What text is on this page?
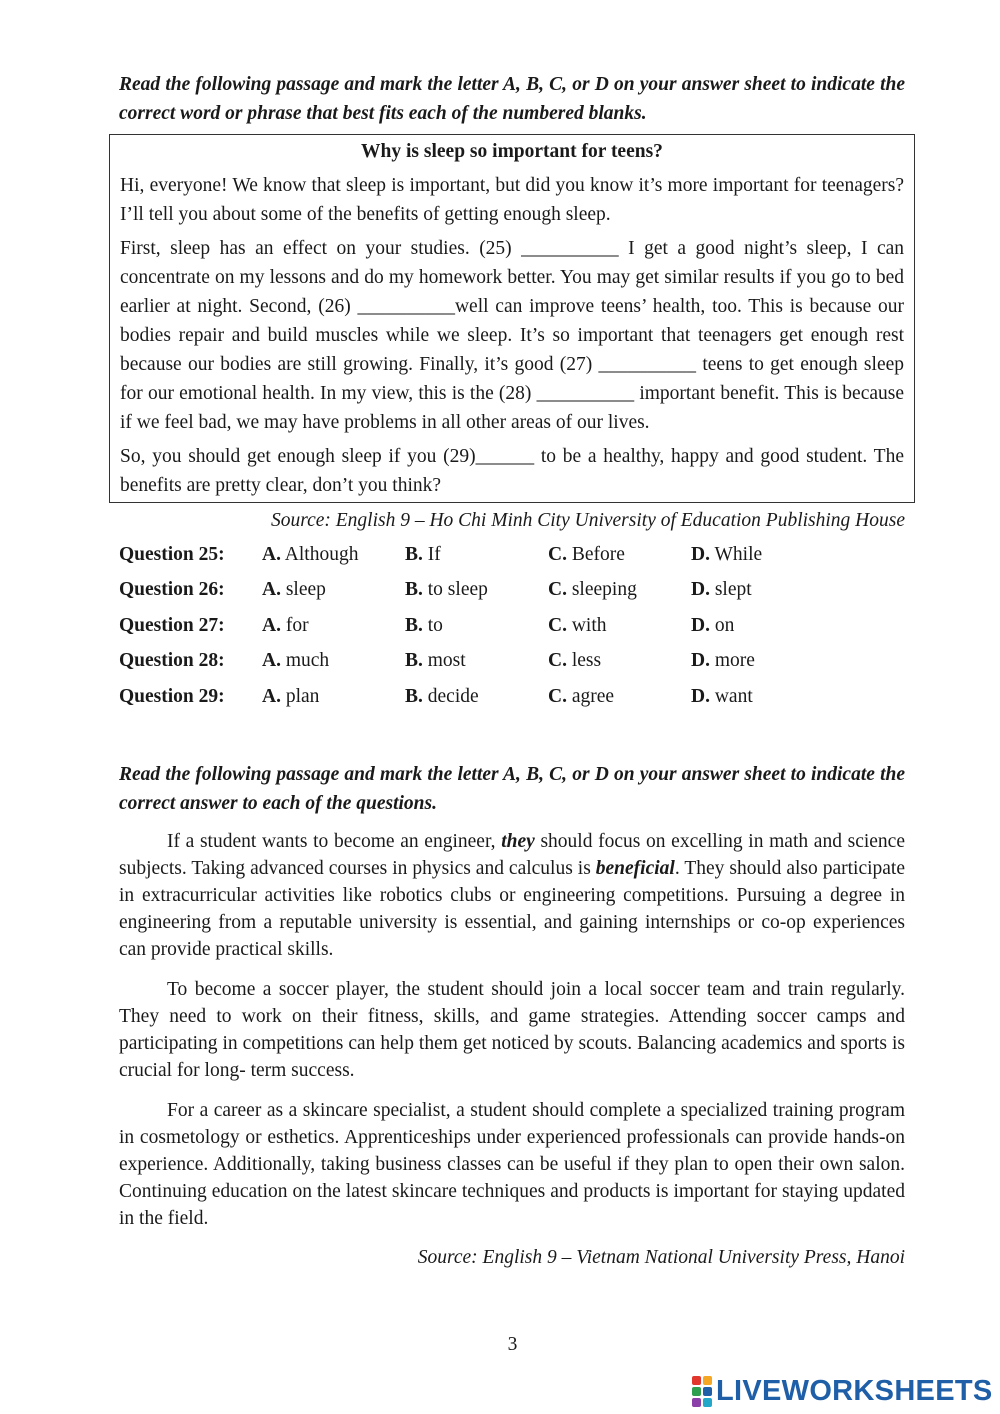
Read the following passage and mark the letter A, B, C, or D on your answer sheet to indicate the correct word or phrase that best fits each of the numbered blanks.

Why is sleep so important for teens?

Hi, everyone! We know that sleep is important, but did you know it’s more important for teenagers? I’ll tell you about some of the benefits of getting enough sleep.

First, sleep has an effect on your studies. (25) __________ I get a good night’s sleep, I can concentrate on my lessons and do my homework better. You may get similar results if you go to bed earlier at night. Second, (26) __________well can improve teens’ health, too. This is because our bodies repair and build muscles while we sleep. It’s so important that teenagers get enough rest because our bodies are still growing. Finally, it’s good (27) __________ teens to get enough sleep for our emotional health. In my view, this is the (28) __________ important benefit. This is because if we feel bad, we may have problems in all other areas of our lives.

So, you should get enough sleep if you (29)______ to be a healthy, happy and good student. The benefits are pretty clear, don’t you think?

Source: English 9 – Ho Chi Minh City University of Education Publishing House

Question 25:	A. Although	B. If	C. Before	D. While
Question 26:	A. sleep	B. to sleep	C. sleeping	D. slept
Question 27:	A. for	B. to	C. with	D. on
Question 28:	A. much	B. most	C. less	D. more
Question 29:	A. plan	B. decide	C. agree	D. want

Read the following passage and mark the letter A, B, C, or D on your answer sheet to indicate the correct answer to each of the questions.

If a student wants to become an engineer, they should focus on excelling in math and science subjects. Taking advanced courses in physics and calculus is beneficial. They should also participate in extracurricular activities like robotics clubs or engineering competitions. Pursuing a degree in engineering from a reputable university is essential, and gaining internships or co-op experiences can provide practical skills.

To become a soccer player, the student should join a local soccer team and train regularly. They need to work on their fitness, skills, and game strategies. Attending soccer camps and participating in competitions can help them get noticed by scouts. Balancing academics and sports is crucial for long- term success.

For a career as a skincare specialist, a student should complete a specialized training program in cosmetology or esthetics. Apprenticeships under experienced professionals can provide hands-on experience. Additionally, taking business classes can be useful if they plan to open their own salon. Continuing education on the latest skincare techniques and products is important for staying updated in the field.

Source: English 9 – Vietnam National University Press, Hanoi

3
LIVEWORKSHEETS
